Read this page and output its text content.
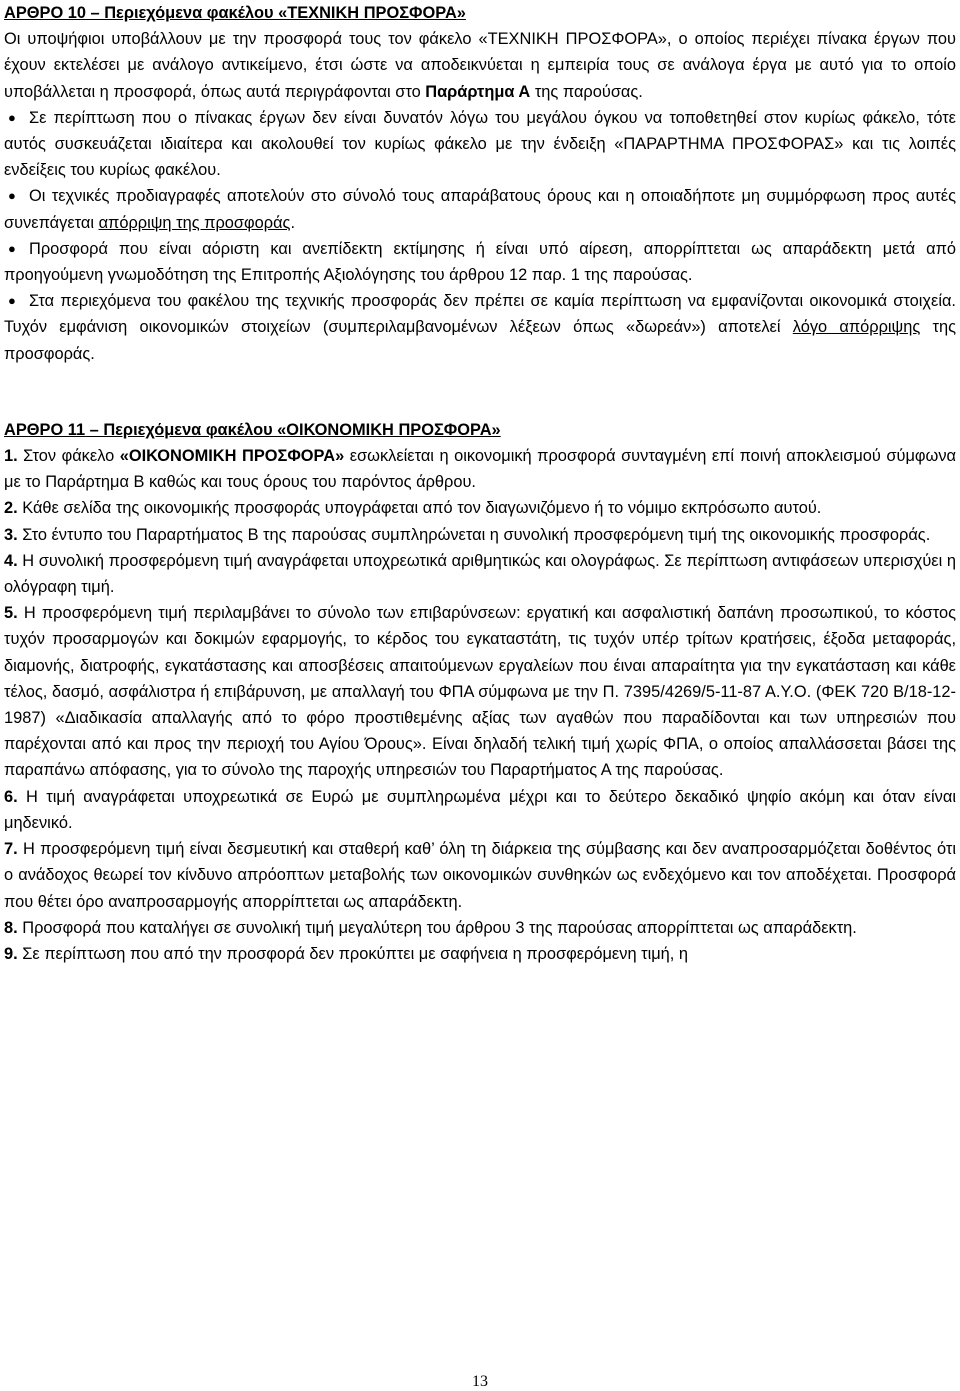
ΑΡΘΡΟ 10 – Περιεχόμενα φακέλου «ΤΕΧΝΙΚΗ ΠΡΟΣΦΟΡΑ»

Οι υποψήφιοι υποβάλλουν με την προσφορά τους τον φάκελο «ΤΕΧΝΙΚΗ ΠΡΟΣΦΟΡΑ», ο οποίος περιέχει πίνακα έργων που έχουν εκτελέσει με ανάλογο αντικείμενο, έτσι ώστε να αποδεικνύεται η εμπειρία τους σε ανάλογα έργα με αυτό για το οποίο υποβάλλεται η προσφορά, όπως αυτά περιγράφονται στο Παράρτημα Α της παρούσας.

● Σε περίπτωση που ο πίνακας έργων δεν είναι δυνατόν λόγω του μεγάλου όγκου να τοποθετηθεί στον κυρίως φάκελο, τότε αυτός συσκευάζεται ιδιαίτερα και ακολουθεί τον κυρίως φάκελο με την ένδειξη «ΠΑΡΑΡΤΗΜΑ ΠΡΟΣΦΟΡΑΣ» και τις λοιπές ενδείξεις του κυρίως φακέλου.

● Οι τεχνικές προδιαγραφές αποτελούν στο σύνολό τους απαράβατους όρους και η οποιαδήποτε μη συμμόρφωση προς αυτές συνεπάγεται απόρριψη της προσφοράς.

● Προσφορά που είναι αόριστη και ανεπίδεκτη εκτίμησης ή είναι υπό αίρεση, απορρίπτεται ως απαράδεκτη μετά από προηγούμενη γνωμοδότηση της Επιτροπής Αξιολόγησης του άρθρου 12 παρ. 1 της παρούσας.

● Στα περιεχόμενα του φακέλου της τεχνικής προσφοράς δεν πρέπει σε καμία περίπτωση να εμφανίζονται οικονομικά στοιχεία. Τυχόν εμφάνιση οικονομικών στοιχείων (συμπεριλαμβανομένων λέξεων όπως «δωρεάν») αποτελεί λόγο απόρριψης της προσφοράς.

ΑΡΘΡΟ 11 – Περιεχόμενα φακέλου «ΟΙΚΟΝΟΜΙΚΗ ΠΡΟΣΦΟΡΑ»

1. Στον φάκελο «ΟΙΚΟΝΟΜΙΚΗ ΠΡΟΣΦΟΡΑ» εσωκλείεται η οικονομική προσφορά συνταγμένη επί ποινή αποκλεισμού σύμφωνα με το Παράρτημα Β καθώς και τους όρους του παρόντος άρθρου.

2. Κάθε σελίδα της οικονομικής προσφοράς υπογράφεται από τον διαγωνιζόμενο ή το νόμιμο εκπρόσωπο αυτού.

3. Στο έντυπο του Παραρτήματος Β της παρούσας συμπληρώνεται η συνολική προσφερόμενη τιμή της οικονομικής προσφοράς.

4. Η συνολική προσφερόμενη τιμή αναγράφεται υποχρεωτικά αριθμητικώς και ολογράφως. Σε περίπτωση αντιφάσεων υπερισχύει η ολόγραφη τιμή.

5. Η προσφερόμενη τιμή περιλαμβάνει το σύνολο των επιβαρύνσεων: εργατική και ασφαλιστική δαπάνη προσωπικού, το κόστος τυχόν προσαρμογών και δοκιμών εφαρμογής, το κέρδος του εγκαταστάτη, τις τυχόν υπέρ τρίτων κρατήσεις, έξοδα μεταφοράς, διαμονής, διατροφής, εγκατάστασης και αποσβέσεις απαιτούμενων εργαλείων που έιναι απαραίτητα για την εγκατάσταση και κάθε τέλος, δασμό, ασφάλιστρα ή επιβάρυνση, με απαλλαγή του ΦΠΑ σύμφωνα με την Π. 7395/4269/5-11-87 Α.Υ.Ο. (ΦΕΚ 720 Β/18-12-1987) «Διαδικασία απαλλαγής από το φόρο προστιθεμένης αξίας των αγαθών που παραδίδονται και των υπηρεσιών που παρέχονται από και προς την περιοχή του Αγίου Όρους». Είναι δηλαδή τελική τιμή χωρίς ΦΠΑ, ο οποίος απαλλάσσεται βάσει της παραπάνω απόφασης, για το σύνολο της παροχής υπηρεσιών του Παραρτήματος Α της παρούσας.

6. Η τιμή αναγράφεται υποχρεωτικά σε Ευρώ με συμπληρωμένα μέχρι και το δεύτερο δεκαδικό ψηφίο ακόμη και όταν είναι μηδενικό.

7. Η προσφερόμενη τιμή είναι δεσμευτική και σταθερή καθ’ όλη τη διάρκεια της σύμβασης και δεν αναπροσαρμόζεται δοθέντος ότι ο ανάδοχος θεωρεί τον κίνδυνο απρόοπτων μεταβολής των οικονομικών συνθηκών ως ενδεχόμενο και τον αποδέχεται. Προσφορά που θέτει όρο αναπροσαρμογής απορρίπτεται ως απαράδεκτη.

8. Προσφορά που καταλήγει σε συνολική τιμή μεγαλύτερη του άρθρου 3 της παρούσας απορρίπτεται ως απαράδεκτη.

9. Σε περίπτωση που από την προσφορά δεν προκύπτει με σαφήνεια η προσφερόμενη τιμή, η

13
